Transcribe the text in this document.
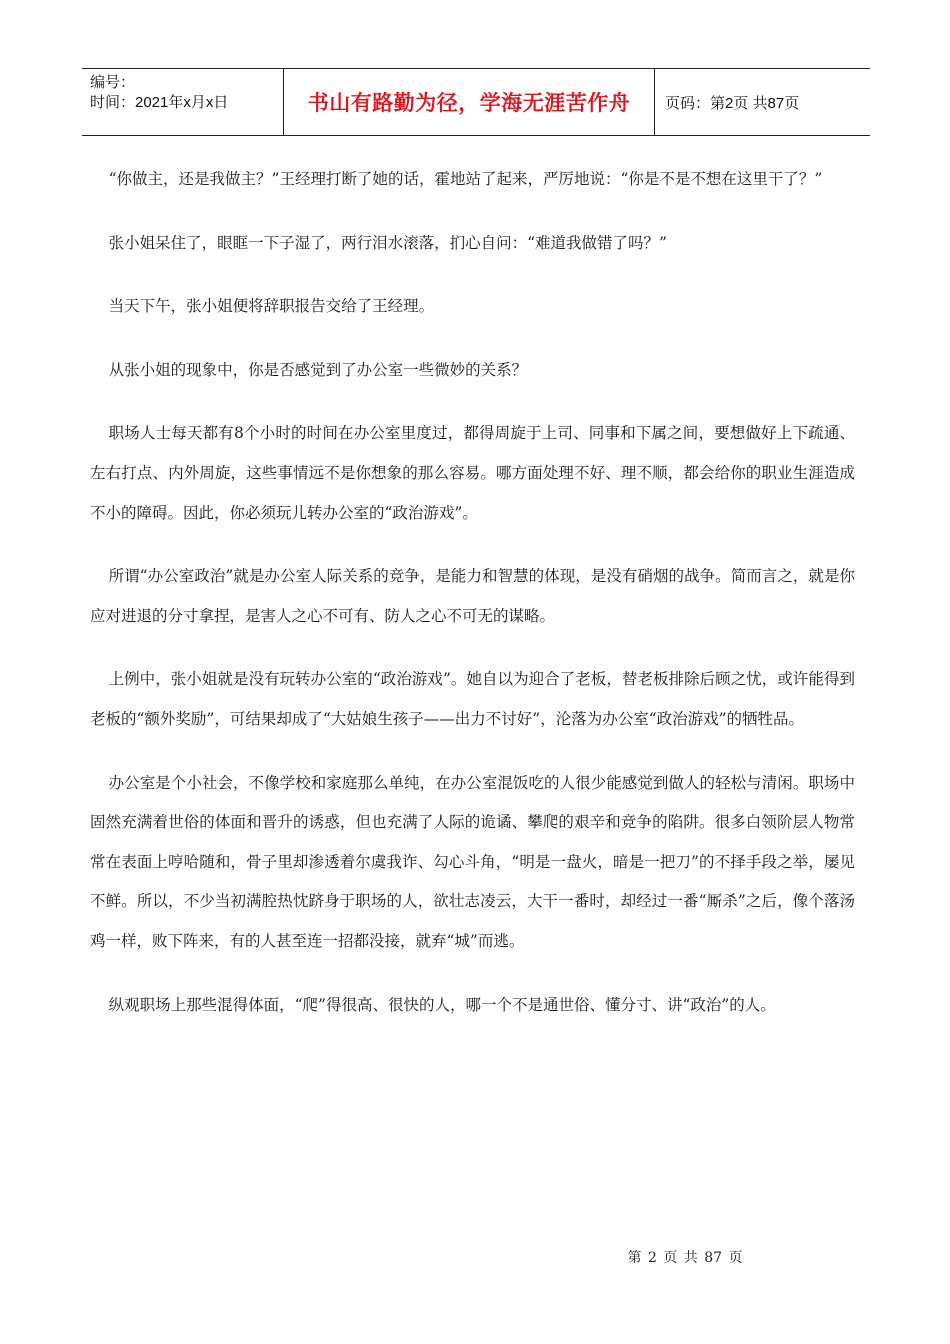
编号：
时间：2021年x月x日	书山有路勤为径，学海无涯苦作舟 页码：第2页 共87页

“你做主，还是我做主？”王经理打断了她的话，霍地站了起来，严厉地说：“你是不是不想在这里干了？”

张小姐呆住了，眼眶一下子湿了，两行泪水滚落，扪心自问：“难道我做错了吗？”

当天下午，张小姐便将辞职报告交给了王经理。

从张小姐的现象中，你是否感觉到了办公室一些微妙的关系？

职场人士每天都有8个小时的时间在办公室里度过，都得周旋于上司、同事和下属之间，要想做好上下疏通、左右打点、内外周旋，这些事情远不是你想象的那么容易。哪方面处理不好、理不顺，都会给你的职业生涯造成不小的障碍。因此，你必须玩儿转办公室的“政治游戏”。

所谓“办公室政治”就是办公室人际关系的竞争，是能力和智慧的体现，是没有硝烟的战争。简而言之，就是你应对进退的分寸拿捏，是害人之心不可有、防人之心不可无的谋略。

上例中，张小姐就是没有玩转办公室的“政治游戏”。她自以为迎合了老板，替老板排除后顾之忧，或许能得到老板的“额外奖励”，可结果却成了“大姑娘生孩子——出力不讨好”，沦落为办公室“政治游戏”的牺牲品。

办公室是个小社会，不像学校和家庭那么单纯，在办公室混饭吃的人很少能感觉到做人的轻松与清闲。职场中固然充满着世俗的体面和晋升的诱惑，但也充满了人际的诡谲、攀爬的艰辛和竞争的陷阱。很多白领阶层人物常常在表面上哼哈随和，骨子里却渗透着尔虞我诈、勾心斗角，“明是一盘火，暗是一把刀”的不择手段之举，屡见不鲜。所以，不少当初满腔热忱跻身于职场的人，欲壮志凌云，大干一番时，却经过一番“厮杀”之后，像个落汤鸡一样，败下阵来，有的人甚至连一招都没接，就弃“城”而逃。

纵观职场上那些混得体面，“爬”得很高、很快的人，哪一个不是通世俗、懂分寸、讲“政治”的人。

第 2 页 共 87 页
